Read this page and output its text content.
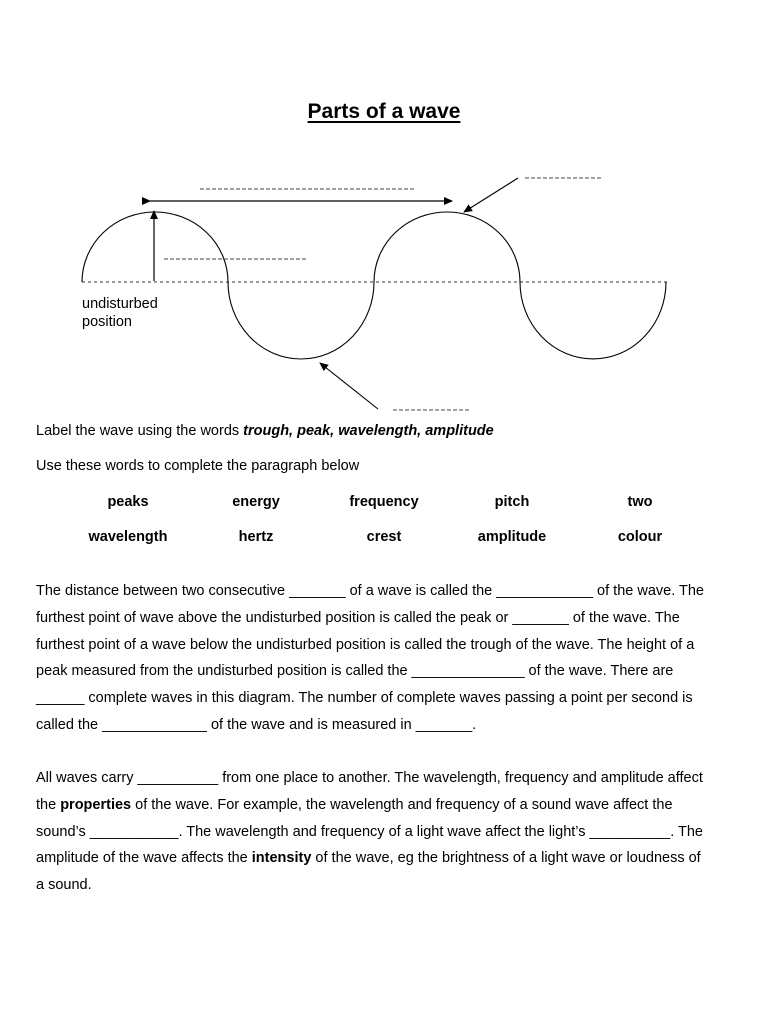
Parts of a wave
undisturbed
position
Label the wave using the words trough, peak, wavelength, amplitude
Use these words to complete the paragraph below
peaks	energy	frequency	pitch	two
wavelength	hertz	crest	amplitude	colour

The distance between two consecutive _______ of a wave is called the ____________ of the wave. The
furthest point of wave above the undisturbed position is called the peak or _______ of the wave. The
furthest point of a wave below the undisturbed position is called the trough of the wave. The height of a
peak measured from the undisturbed position is called the ______________ of the wave. There are
______ complete waves in this diagram. The number of complete waves passing a point per second is
called the _____________ of the wave and is measured in _______.

All waves carry __________ from one place to another. The wavelength, frequency and amplitude affect
the properties of the wave. For example, the wavelength and frequency of a sound wave affect the
sound’s ___________. The wavelength and frequency of a light wave affect the light’s __________. The
amplitude of the wave affects the intensity of the wave, eg the brightness of a light wave or loudness of
a sound.
